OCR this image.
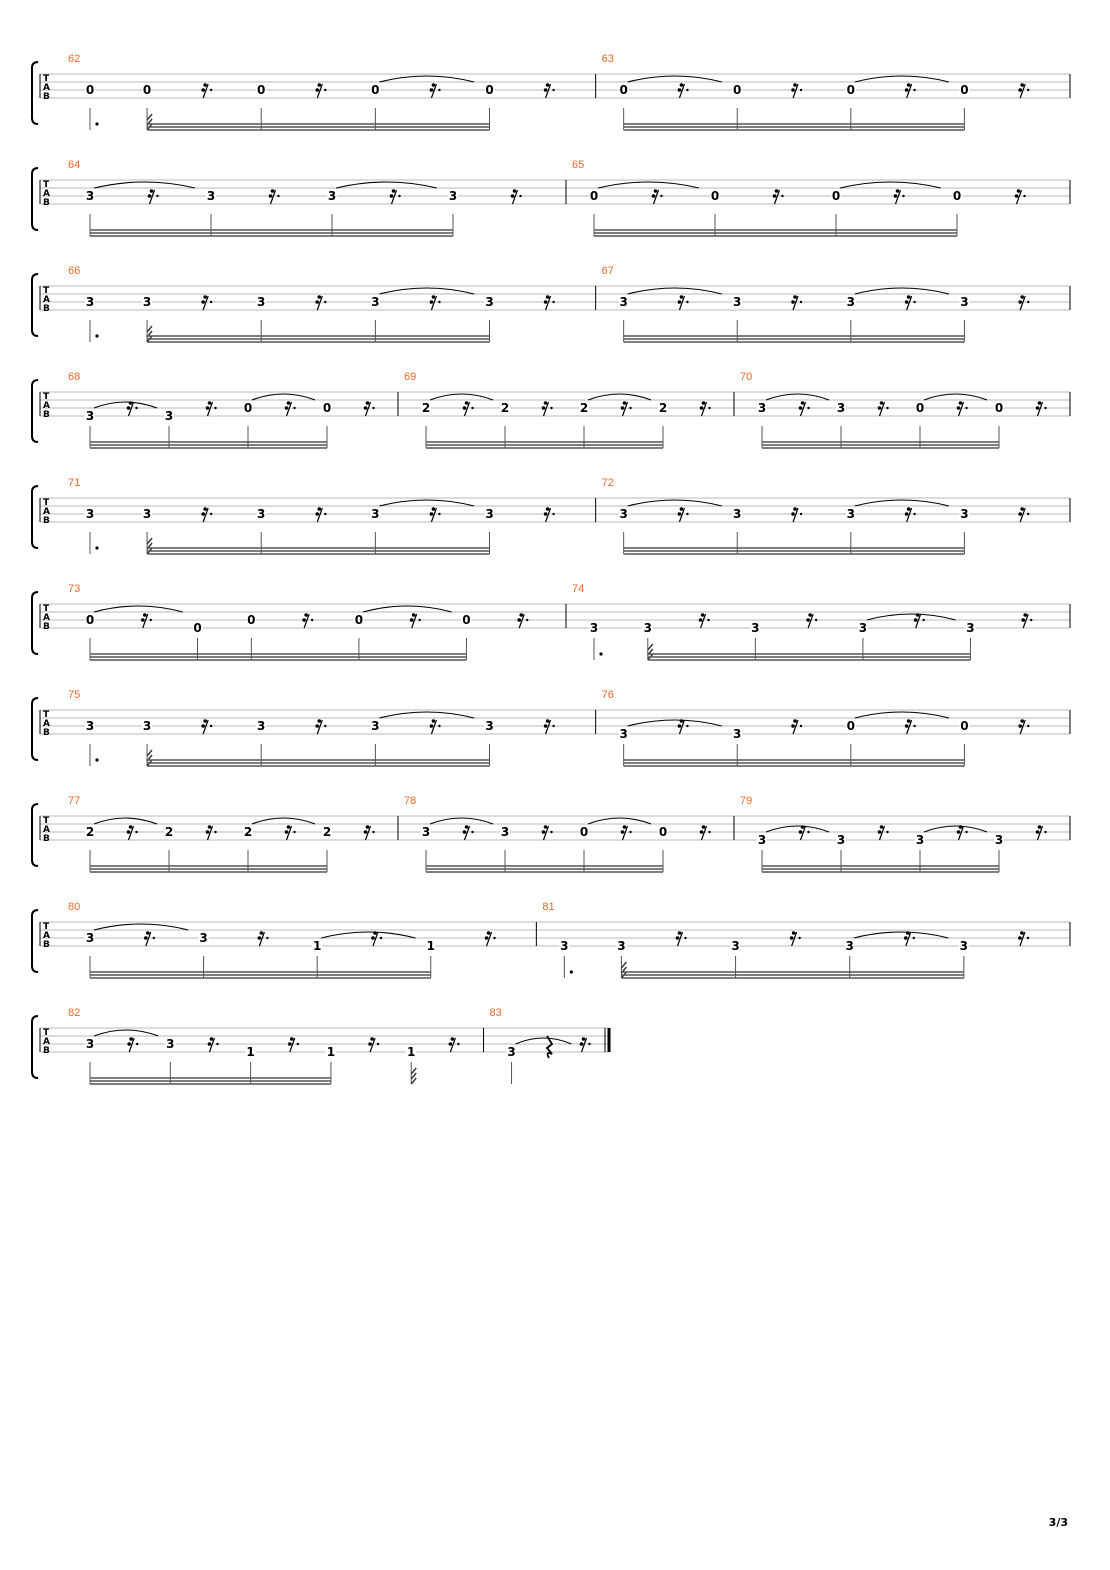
T
A
B
62
0	0	0	0	0
63
0	0	0	0
T
A
B
64
3	3	3	3
65
0	0	0	0
T
A
B
66
3	3	3	3	3
67
3	3	3	3
T
A
B
68
3	3
0	0
69
2	2	2	2
70
3	3	0	0
T
A
B
71
3	3	3	3	3
72
3	3	3	3
T
A
B
73
0
0
0	0	0
74
3	3	3	3	3
T
A
B
75
3	3	3	3	3
76
3	3
0	0
T
A
B
77
2	2	2	2
78
3	3	0	0
79
3	3	3	3
T
A
B
80
3	3
1	1
81
3	3	3	3	3
T
A
B
82
3	3
1	1	1
83
3
3/3
